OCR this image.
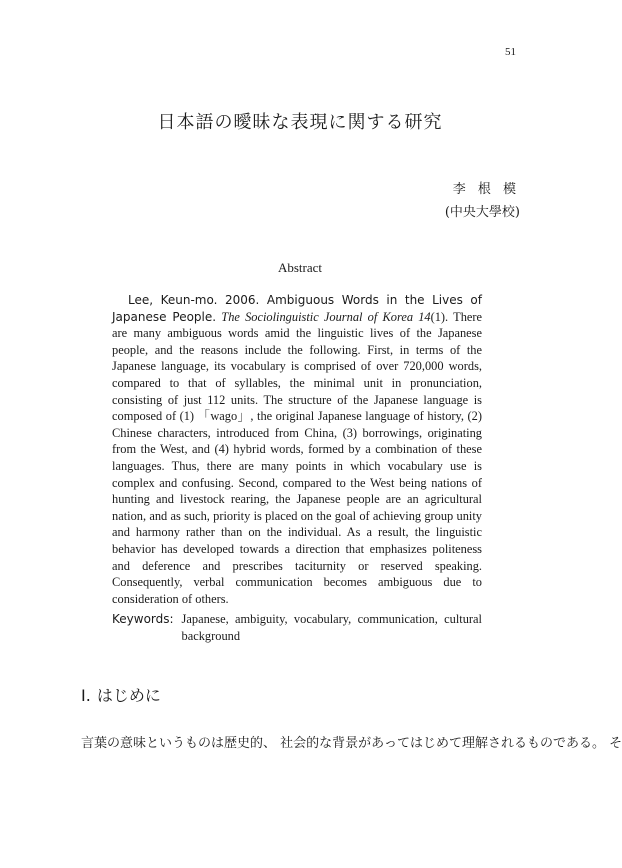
51
日本語の曖昧な表現に関する研究
李 根 模
(中央大學校)
Abstract
Lee, Keun-mo. 2006. Ambiguous Words in the Lives of Japanese People. The Sociolinguistic Journal of Korea 14(1). There are many ambiguous words amid the linguistic lives of the Japanese people, and the reasons include the following. First, in terms of the Japanese language, its vocabulary is comprised of over 720,000 words, compared to that of syllables, the minimal unit in pronunciation, consisting of just 112 units. The structure of the Japanese language is composed of (1) 「wago」, the original Japanese language of history, (2) Chinese characters, introduced from China, (3) borrowings, originating from the West, and (4) hybrid words, formed by a combination of these languages. Thus, there are many points in which vocabulary use is complex and confusing. Second, compared to the West being nations of hunting and livestock rearing, the Japanese people are an agricultural nation, and as such, priority is placed on the goal of achieving group unity and harmony rather than on the individual. As a result, the linguistic behavior has developed towards a direction that emphasizes politeness and deference and prescribes taciturnity or reserved speaking. Consequently, verbal communication becomes ambiguous due to consideration of others.
Keywords: Japanese, ambiguity, vocabulary, communication, cultural background
Ⅰ. はじめに
言葉の意味というものは歴史的、 社会的な背景があってはじめて理解されるものである。 そ
